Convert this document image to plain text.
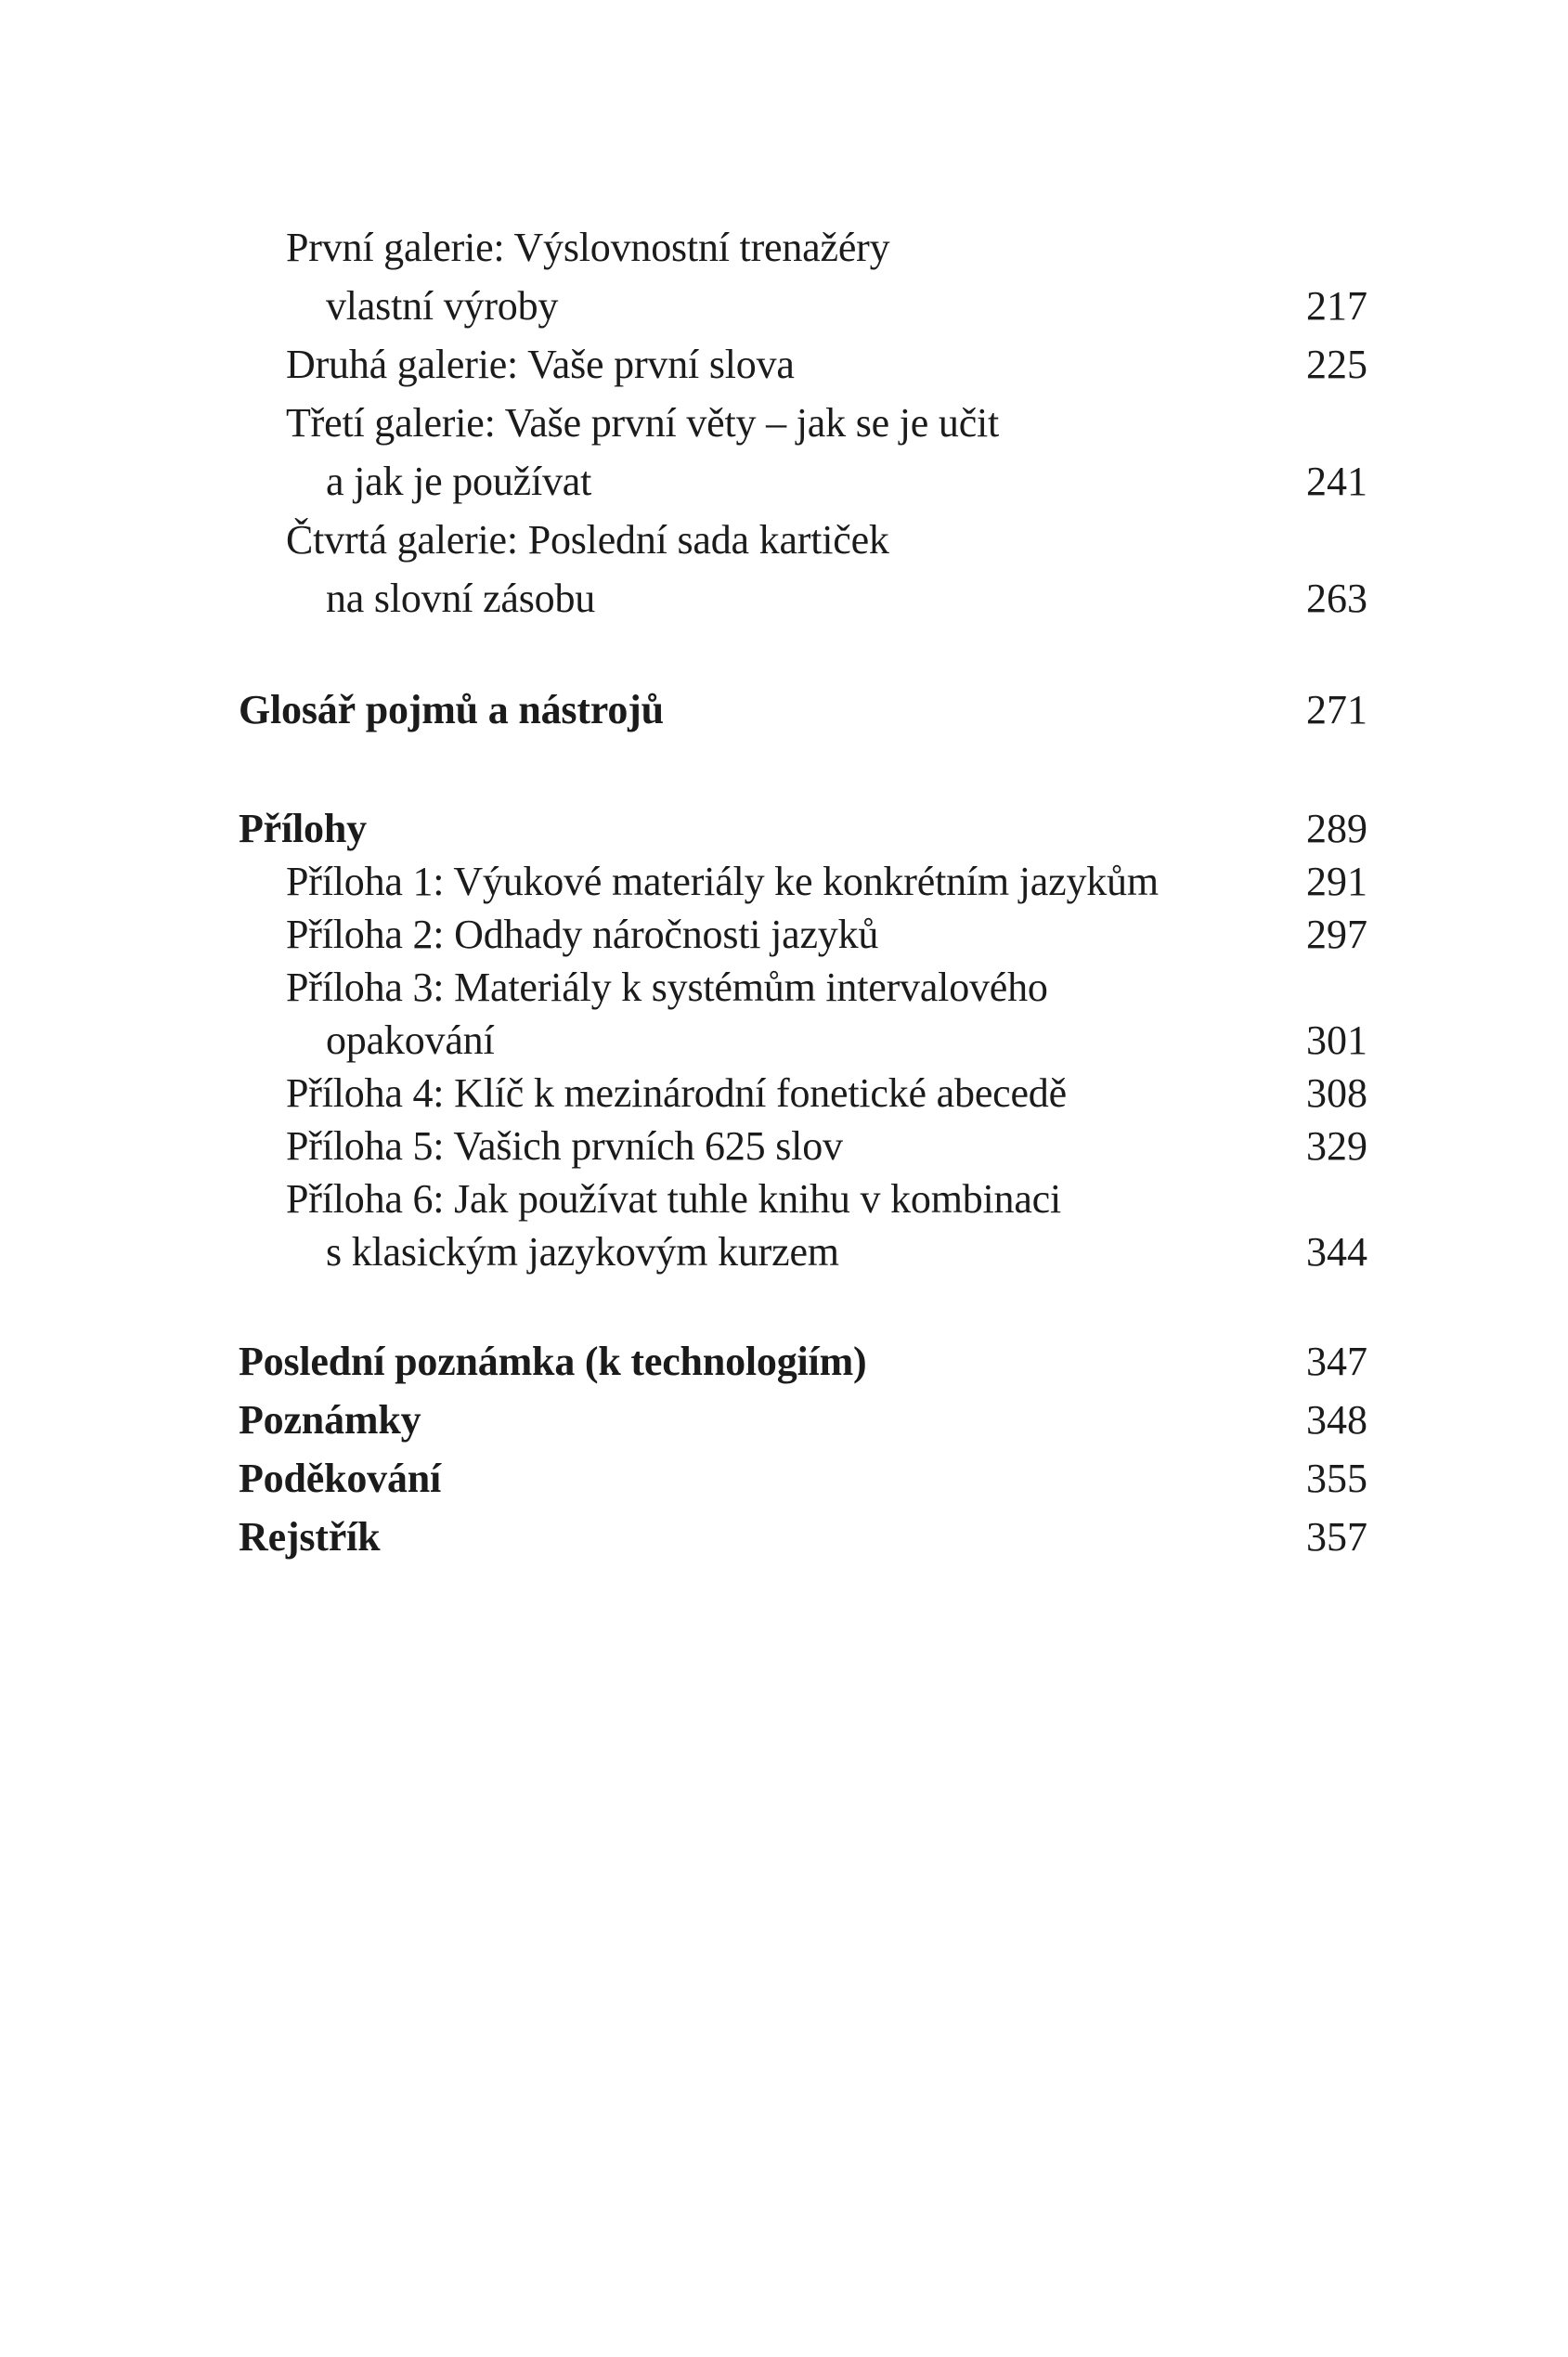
První galerie: Výslovnostní trenažéry
vlastní výroby	217
Druhá galerie: Vaše první slova	225
Třetí galerie: Vaše první věty – jak se je učit
a jak je používat	241
Čtvrtá galerie: Poslední sada kartiček
na slovní zásobu	263
Glosář pojmů a nástrojů	271
Přílohy	289
Příloha 1: Výukové materiály ke konkrétním jazykům	291
Příloha 2: Odhady náročnosti jazyků	297
Příloha 3: Materiály k systémům intervalového
opakování	301
Příloha 4: Klíč k mezinárodní fonetické abecedě	308
Příloha 5: Vašich prvních 625 slov	329
Příloha 6: Jak používat tuhle knihu v kombinaci
s klasickým jazykovým kurzem	344
Poslední poznámka (k technologiím)	347
Poznámky	348
Poděkování	355
Rejstřík	357
